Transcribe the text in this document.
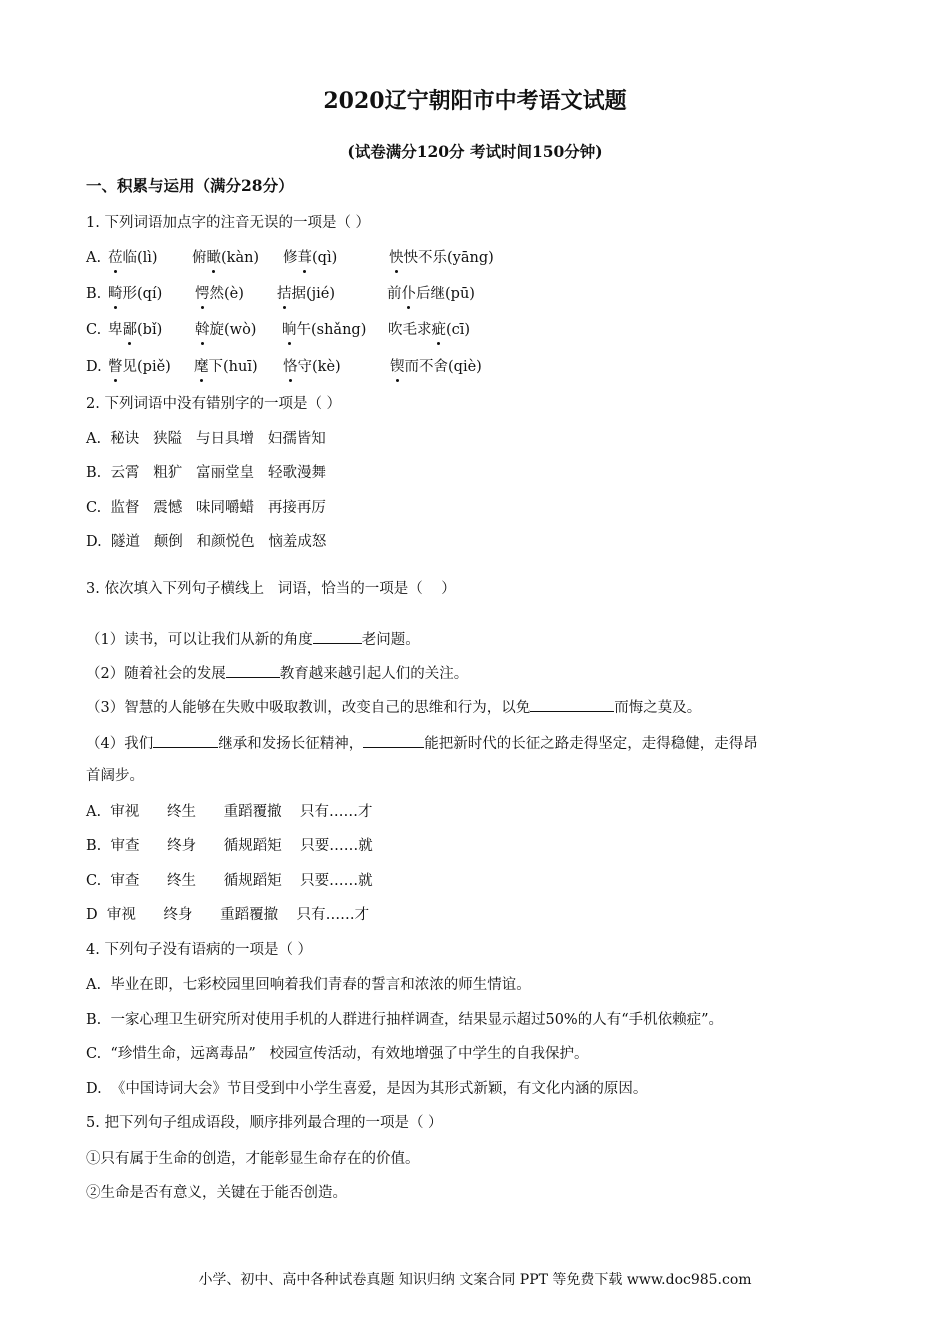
2020辽宁朝阳市中考语文试题
(试卷满分120分 考试时间150分钟)
一、积累与运用（满分28分）
1. 下列词语加点字的注音无误的一项是（ ）
A. 莅临(lì) 俯瞰(kàn) 修葺(qì)	怏怏不乐(yāng)
B. 畸形(qí) 愕然(è) 拮据(jié)	前仆后继(pū)
C. 卑鄙(bǐ) 斡旋(wò) 晌午(shǎng) 吹毛求疵(cī)
D. 瞥见(piě) 麾下(huī) 恪守(kè)	锲而不舍(qiè)
2. 下列词语中没有错别字的一项是（ ）
A.  秘诀   狭隘   与日具增   妇孺皆知
B.  云霄   粗犷   富丽堂皇   轻歌漫舞
C.  监督   震憾   味同嚼蜡   再接再厉
D.  隧道   颠倒   和颜悦色   恼羞成怒
3. 依次填入下列句子横线上   词语，恰当的一项是（    ）
（1）读书，可以让我们从新的角度	老问题。
（2）随着社会的发展	教育越来越引起人们的关注。
（3）智慧的人能够在失败中吸取教训，改变自己的思维和行为，以免	而悔之莫及。
（4）我们	继承和发扬长征精神，	能把新时代的长征之路走得坚定，走得稳健，走得昂
首阔步。
A.  审视      终生      重蹈覆撤    只有……才
B.  审查      终身      循规蹈矩    只要……就
C.  审查      终生      循规蹈矩    只要……就
D  审视      终身      重蹈覆撤    只有……才
4. 下列句子没有语病的一项是（ ）
A.  毕业在即，七彩校园里回响着我们青春的誓言和浓浓的师生情谊。
B.  一家心理卫生研究所对使用手机的人群进行抽样调查，结果显示超过50%的人有“手机依赖症”。
C.  “珍惜生命，远离毒品”   校园宣传活动，有效地增强了中学生的自我保护。
D.  《中国诗词大会》节目受到中小学生喜爱，是因为其形式新颖，有文化内涵的原因。
5. 把下列句子组成语段，顺序排列最合理的一项是（ ）
①只有属于生命的创造，才能彰显生命存在的价值。
②生命是否有意义，关键在于能否创造。
小学、初中、高中各种试卷真题 知识归纳 文案合同 PPT 等免费下载 www.doc985.com
